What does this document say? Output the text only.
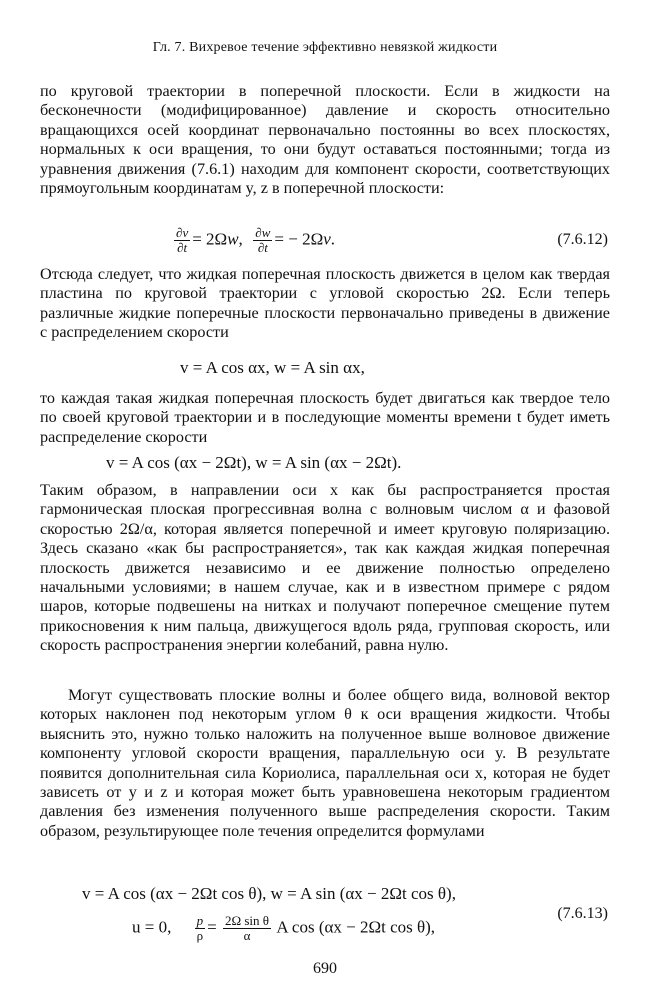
Гл. 7. Вихревое течение эффективно невязкой жидкости

по круговой траектории в поперечной плоскости. Если в жидкости на бесконечности (модифицированное) давление и скорость относительно вращающихся осей координат первоначально постоянны во всех плоскостях, нормальных к оси вращения, то они будут оставаться постоянными; тогда из уравнения движения (7.6.1) находим для компонент скорости, соответствующих прямоугольным координатам y, z в поперечной плоскости:

$\frac{\partial v}{\partial t} = 2\Omega w$, $\frac{\partial w}{\partial t}$ = − 2Ωv.	(7.6.12)

Отсюда следует, что жидкая поперечная плоскость движется в целом как твердая пластина по круговой траектории с угловой скоростью 2Ω. Если теперь различные жидкие поперечные плоскости первоначально приведены в движение с распределением скорости

v = A cos αx, w = A sin αx,

то каждая такая жидкая поперечная плоскость будет двигаться как твердое тело по своей круговой траектории и в последующие моменты времени t будет иметь распределение скорости

v = A cos (αx − 2Ωt), w = A sin (αx − 2Ωt).

Таким образом, в направлении оси x как бы распространяется простая гармоническая плоская прогрессивная волна с волновым числом α и фазовой скоростью 2Ω/α, которая является поперечной и имеет круговую поляризацию. Здесь сказано «как бы распространяется», так как каждая жидкая поперечная плоскость движется независимо и ее движение полностью определено начальными условиями; в нашем случае, как и в известном примере с рядом шаров, которые подвешены на нитках и получают поперечное смещение путем прикосновения к ним пальца, движущегося вдоль ряда, групповая скорость, или скорость распространения энергии колебаний, равна нулю.

Могут существовать плоские волны и более общего вида, волновой вектор которых наклонен под некоторым углом θ к оси вращения жидкости. Чтобы выяснить это, нужно только наложить на полученное выше волновое движение компоненту угловой скорости вращения, параллельную оси y. В результате появится дополнительная сила Кориолиса, параллельная оси x, которая не будет зависеть от y и z и которая может быть уравновешена некоторым градиентом давления без изменения полученного выше распределения скорости. Таким образом, результирующее поле течения определится формулами

v = A cos (αx − 2Ωt cos θ), w = A sin (αx − 2Ωt cos θ),
u = 0, $\frac{p}{\rho} = \frac{\text{2Ω sin θ}}{\alpha}$ A cos (αx − 2Ωt cos θ),
(7.6.13)
690
